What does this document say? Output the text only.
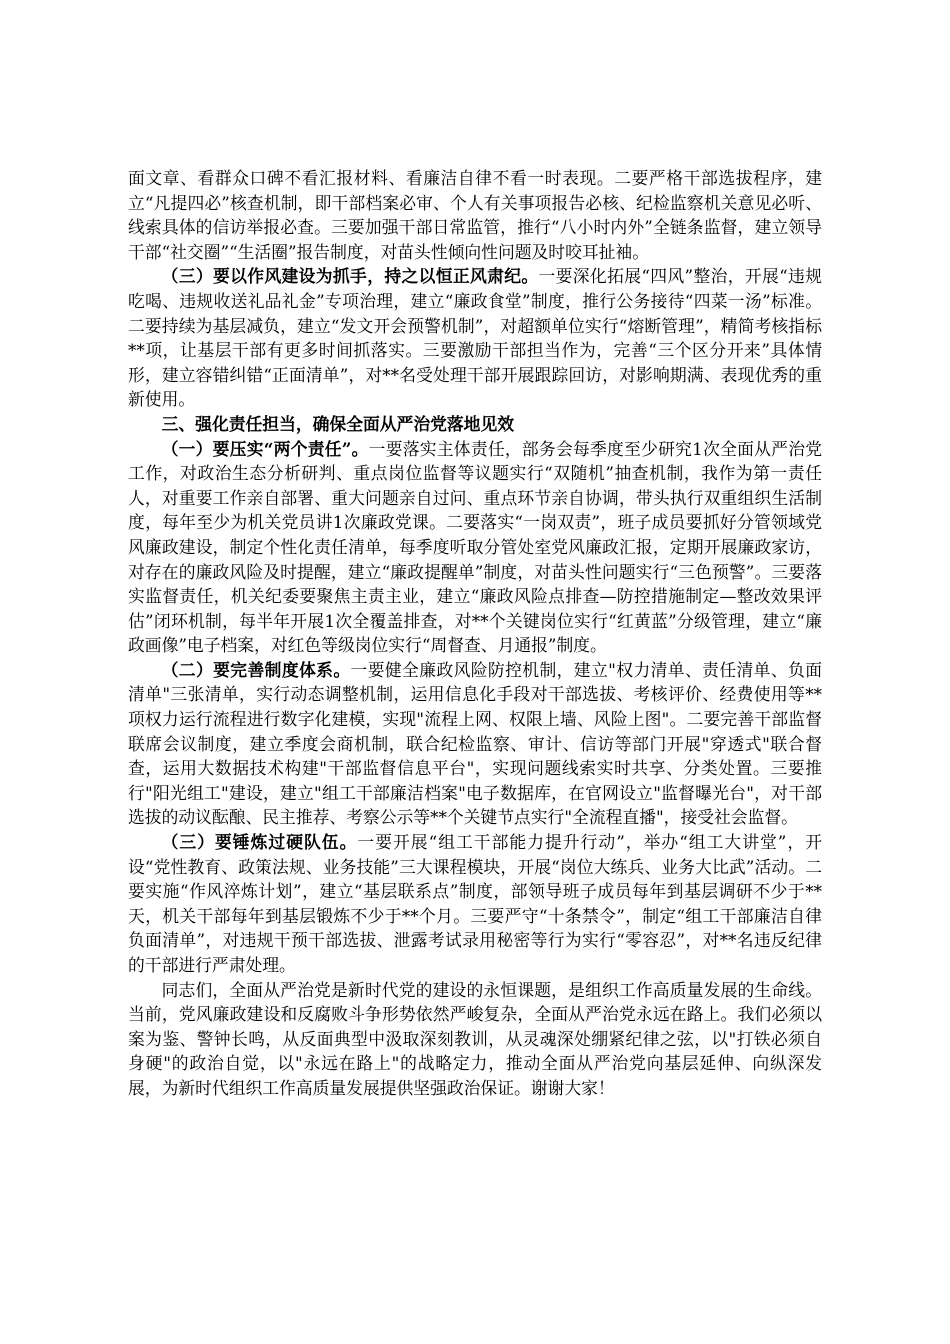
面文章、看群众口碑不看汇报材料、看廉洁自律不看一时表现。二要严格干部选拔程序，建立“凡提四必”核查机制，即干部档案必审、个人有关事项报告必核、纪检监察机关意见必听、线索具体的信访举报必查。三要加强干部日常监管，推行“八小时内外”全链条监督，建立领导干部“社交圈”“生活圈”报告制度，对苗头性倾向性问题及时咬耳扯袖。

（三）要以作风建设为抓手，持之以恒正风肃纪。一要深化拓展“四风”整治，开展“违规吃喝、违规收送礼品礼金”专项治理，建立“廉政食堂”制度，推行公务接待“四菜一汤”标准。二要持续为基层减负，建立“发文开会预警机制”，对超额单位实行“熔断管理”，精简考核指标**项，让基层干部有更多时间抓落实。三要激励干部担当作为，完善“三个区分开来”具体情形，建立容错纠错“正面清单”，对**名受处理干部开展跟踪回访，对影响期满、表现优秀的重新使用。

三、强化责任担当，确保全面从严治党落地见效

（一）要压实“两个责任”。一要落实主体责任，部务会每季度至少研究1次全面从严治党工作，对政治生态分析研判、重点岗位监督等议题实行“双随机”抽查机制，我作为第一责任人，对重要工作亲自部署、重大问题亲自过问、重点环节亲自协调，带头执行双重组织生活制度，每年至少为机关党员讲1次廉政党课。二要落实“一岗双责”，班子成员要抓好分管领域党风廉政建设，制定个性化责任清单，每季度听取分管处室党风廉政汇报，定期开展廉政家访，对存在的廉政风险及时提醒，建立“廉政提醒单”制度，对苗头性问题实行“三色预警”。三要落实监督责任，机关纪委要聚焦主责主业，建立“廉政风险点排查—防控措施制定—整改效果评估”闭环机制，每半年开展1次全覆盖排查，对**个关键岗位实行“红黄蓝”分级管理，建立“廉政画像”电子档案，对红色等级岗位实行“周督查、月通报”制度。

（二）要完善制度体系。一要健全廉政风险防控机制，建立"权力清单、责任清单、负面清单"三张清单，实行动态调整机制，运用信息化手段对干部选拔、考核评价、经费使用等**项权力运行流程进行数字化建模，实现"流程上网、权限上墙、风险上图"。二要完善干部监督联席会议制度，建立季度会商机制，联合纪检监察、审计、信访等部门开展"穿透式"联合督查，运用大数据技术构建"干部监督信息平台"，实现问题线索实时共享、分类处置。三要推行"阳光组工"建设，建立"组工干部廉洁档案"电子数据库，在官网设立"监督曝光台"，对干部选拔的动议酝酿、民主推荐、考察公示等**个关键节点实行"全流程直播"，接受社会监督。

（三）要锤炼过硬队伍。一要开展“组工干部能力提升行动”，举办“组工大讲堂”，开设“党性教育、政策法规、业务技能”三大课程模块，开展“岗位大练兵、业务大比武”活动。二要实施“作风淬炼计划”，建立“基层联系点”制度，部领导班子成员每年到基层调研不少于**天，机关干部每年到基层锻炼不少于**个月。三要严守“十条禁令”，制定“组工干部廉洁自律负面清单”，对违规干预干部选拔、泄露考试录用秘密等行为实行“零容忍”，对**名违反纪律的干部进行严肃处理。

同志们，全面从严治党是新时代党的建设的永恒课题，是组织工作高质量发展的生命线。当前，党风廉政建设和反腐败斗争形势依然严峻复杂，全面从严治党永远在路上。我们必须以案为鉴、警钟长鸣，从反面典型中汲取深刻教训，从灵魂深处绷紧纪律之弦，以"打铁必须自身硬"的政治自觉，以"永远在路上"的战略定力，推动全面从严治党向基层延伸、向纵深发展，为新时代组织工作高质量发展提供坚强政治保证。谢谢大家！
